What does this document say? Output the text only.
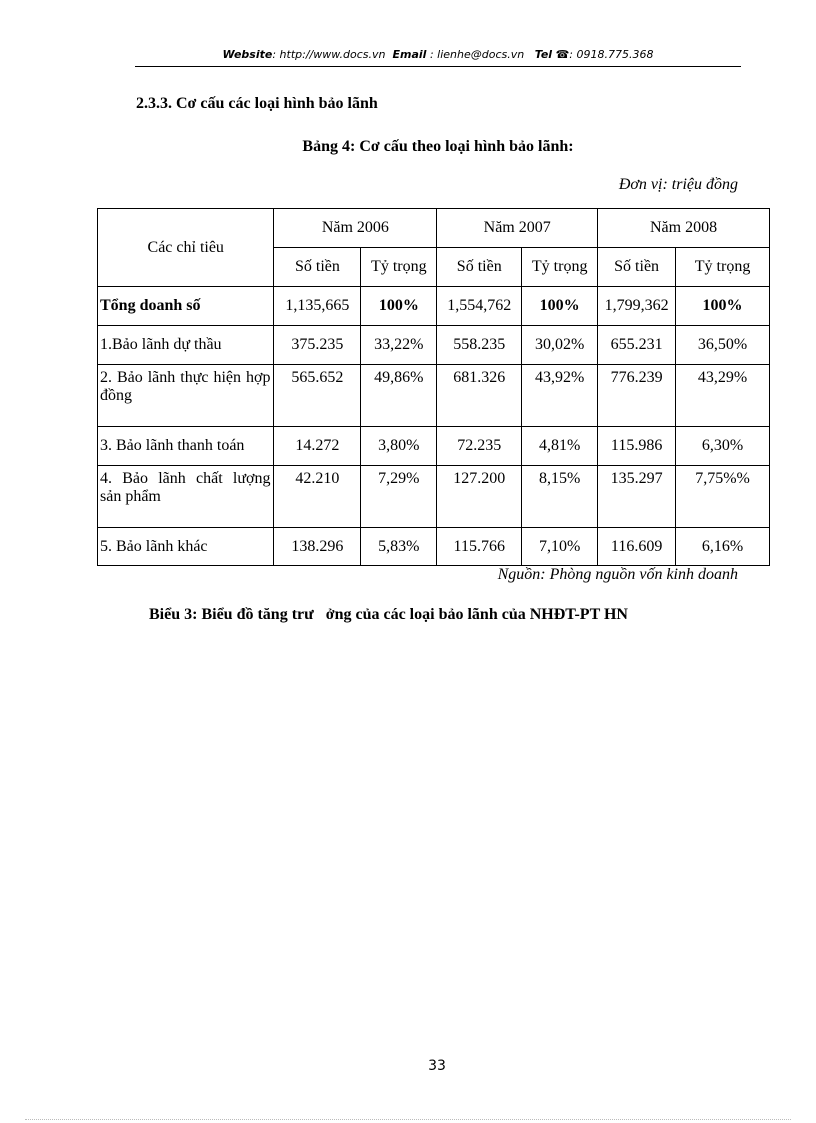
Website: http://www.docs.vn Email : lienhe@docs.vn Tel ☎: 0918.775.368
2.3.3. Cơ cấu các loại hình bảo lãnh
Bảng 4: Cơ cấu theo loại hình bảo lãnh:
Đơn vị: triệu đồng
Các chỉ tiêu	Năm 2006		Năm 2007		Năm 2008	
	Số tiền	Tỷ trọng	Số tiền	Tỷ trọng	Số tiền	Tỷ trọng
Tổng doanh số	1,135,665	100%	1,554,762	100%	1,799,362	100%
1.Bảo lãnh dự thầu	375.235	33,22%	558.235	30,02%	655.231	36,50%
2. Bảo lãnh thực hiện hợp đồng	565.652	49,86%	681.326	43,92%	776.239	43,29%
3. Bảo lãnh thanh toán	14.272	3,80%	72.235	4,81%	115.986	6,30%
4. Bảo lãnh chất lượng sản phẩm	42.210	7,29%	127.200	8,15%	135.297	7,75%%
5. Bảo lãnh khác	138.296	5,83%	115.766	7,10%	116.609	6,16%
Nguồn: Phòng nguồn vốn kinh doanh
Biểu 3: Biểu đồ tăng trư   ởng của các loại bảo lãnh của NHĐT-PT HN
33
